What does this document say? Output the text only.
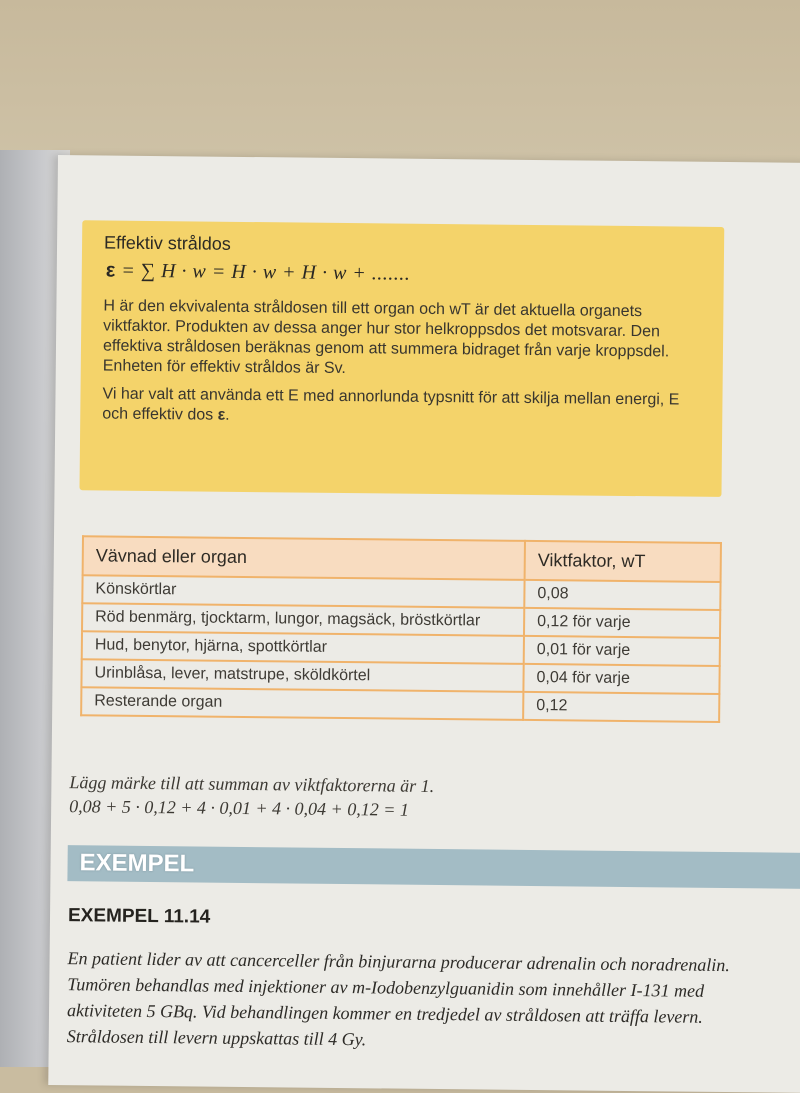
Effektiv stråldos
ε = ∑ H · w = H · w + H · w + .......

H är den ekvivalenta stråldosen till ett organ och wT är det aktuella organets viktfaktor. Produkten av dessa anger hur stor helkroppsdos det motsvarar. Den effektiva stråldosen beräknas genom att summera bidraget från varje kroppsdel. Enheten för effektiv stråldos är Sv.

Vi har valt att använda ett E med annorlunda typsnitt för att skilja mellan energi, E och effektiv dos ε.

Vävnad eller organ	Viktfaktor, wT
Könskörtlar	0,08
Röd benmärg, tjocktarm, lungor, magsäck, bröstkörtlar	0,12 för varje
Hud, benytor, hjärna, spottkörtlar	0,01 för varje
Urinblåsa, lever, matstrupe, sköldkörtel	0,04 för varje
Resterande organ	0,12
Lägg märke till att summan av viktfaktorerna är 1.
0,08 + 5 · 0,12 + 4 · 0,01 + 4 · 0,04 + 0,12 = 1
EXEMPEL
EXEMPEL 11.14
En patient lider av att cancerceller från binjurarna producerar adrenalin och noradrenalin. Tumören behandlas med injektioner av m-Iodobenzylguanidin som innehåller I-131 med aktiviteten 5 GBq. Vid behandlingen kommer en tredjedel av stråldosen att träffa levern. Stråldosen till levern uppskattas till 4 Gy.
